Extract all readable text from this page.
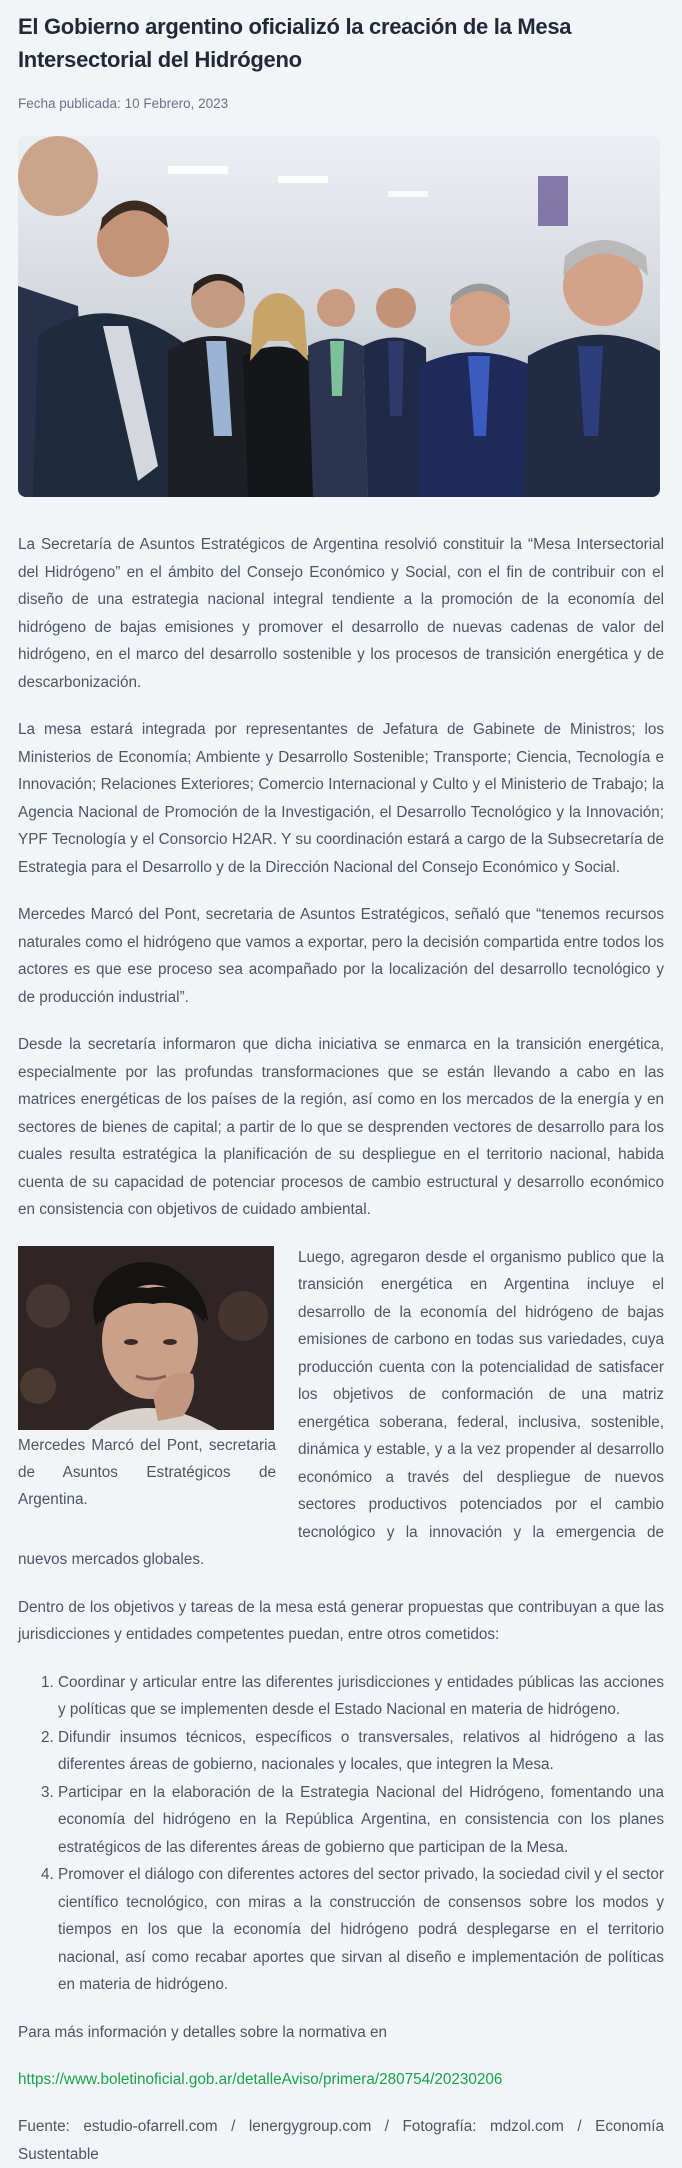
El Gobierno argentino oficializó la creación de la Mesa Intersectorial del Hidrógeno
Fecha publicada: 10 Febrero, 2023

La Secretaría de Asuntos Estratégicos de Argentina resolvió constituir la “Mesa Intersectorial del Hidrógeno” en el ámbito del Consejo Económico y Social, con el fin de contribuir con el diseño de una estrategia nacional integral tendiente a la promoción de la economía del hidrógeno de bajas emisiones y promover el desarrollo de nuevas cadenas de valor del hidrógeno, en el marco del desarrollo sostenible y los procesos de transición energética y de descarbonización.

La mesa estará integrada por representantes de Jefatura de Gabinete de Ministros; los Ministerios de Economía; Ambiente y Desarrollo Sostenible; Transporte; Ciencia, Tecnología e Innovación; Relaciones Exteriores; Comercio Internacional y Culto y el Ministerio de Trabajo; la Agencia Nacional de Promoción de la Investigación, el Desarrollo Tecnológico y la Innovación; YPF Tecnología y el Consorcio H2AR. Y su coordinación estará a cargo de la Subsecretaría de Estrategia para el Desarrollo y de la Dirección Nacional del Consejo Económico y Social.

Mercedes Marcó del Pont, secretaria de Asuntos Estratégicos, señaló que “tenemos recursos naturales como el hidrógeno que vamos a exportar, pero la decisión compartida entre todos los actores es que ese proceso sea acompañado por la localización del desarrollo tecnológico y de producción industrial”.

Desde la secretaría informaron que dicha iniciativa se enmarca en la transición energética, especialmente por las profundas transformaciones que se están llevando a cabo en las matrices energéticas de los países de la región, así como en los mercados de la energía y en sectores de bienes de capital; a partir de lo que se desprenden vectores de desarrollo para los cuales resulta estratégica la planificación de su despliegue en el territorio nacional, habida cuenta de su capacidad de potenciar procesos de cambio estructural y desarrollo económico en consistencia con objetivos de cuidado ambiental.

Mercedes Marcó del Pont, secretaria de Asuntos Estratégicos de Argentina.

Luego, agregaron desde el organismo publico que la transición energética en Argentina incluye el desarrollo de la economía del hidrógeno de bajas emisiones de carbono en todas sus variedades, cuya producción cuenta con la potencialidad de satisfacer los objetivos de conformación de una matriz energética soberana, federal, inclusiva, sostenible, dinámica y estable, y a la vez propender al desarrollo económico a través del despliegue de nuevos sectores productivos potenciados por el cambio tecnológico y la innovación y la emergencia de nuevos mercados globales.

Dentro de los objetivos y tareas de la mesa está generar propuestas que contribuyan a que las jurisdicciones y entidades competentes puedan, entre otros cometidos:

1. Coordinar y articular entre las diferentes jurisdicciones y entidades públicas las acciones y políticas que se implementen desde el Estado Nacional en materia de hidrógeno.
2. Difundir insumos técnicos, específicos o transversales, relativos al hidrógeno a las diferentes áreas de gobierno, nacionales y locales, que integren la Mesa.
3. Participar en la elaboración de la Estrategia Nacional del Hidrógeno, fomentando una economía del hidrógeno en la República Argentina, en consistencia con los planes estratégicos de las diferentes áreas de gobierno que participan de la Mesa.
4. Promover el diálogo con diferentes actores del sector privado, la sociedad civil y el sector científico tecnológico, con miras a la construcción de consensos sobre los modos y tiempos en los que la economía del hidrógeno podrá desplegarse en el territorio nacional, así como recabar aportes que sirvan al diseño e implementación de políticas en materia de hidrógeno.

Para más información y detalles sobre la normativa en

https://www.boletinoficial.gob.ar/detalleAviso/primera/280754/20230206

Fuente: estudio-ofarrell.com / lenergygroup.com / Fotografía: mdzol.com / Economía Sustentable
